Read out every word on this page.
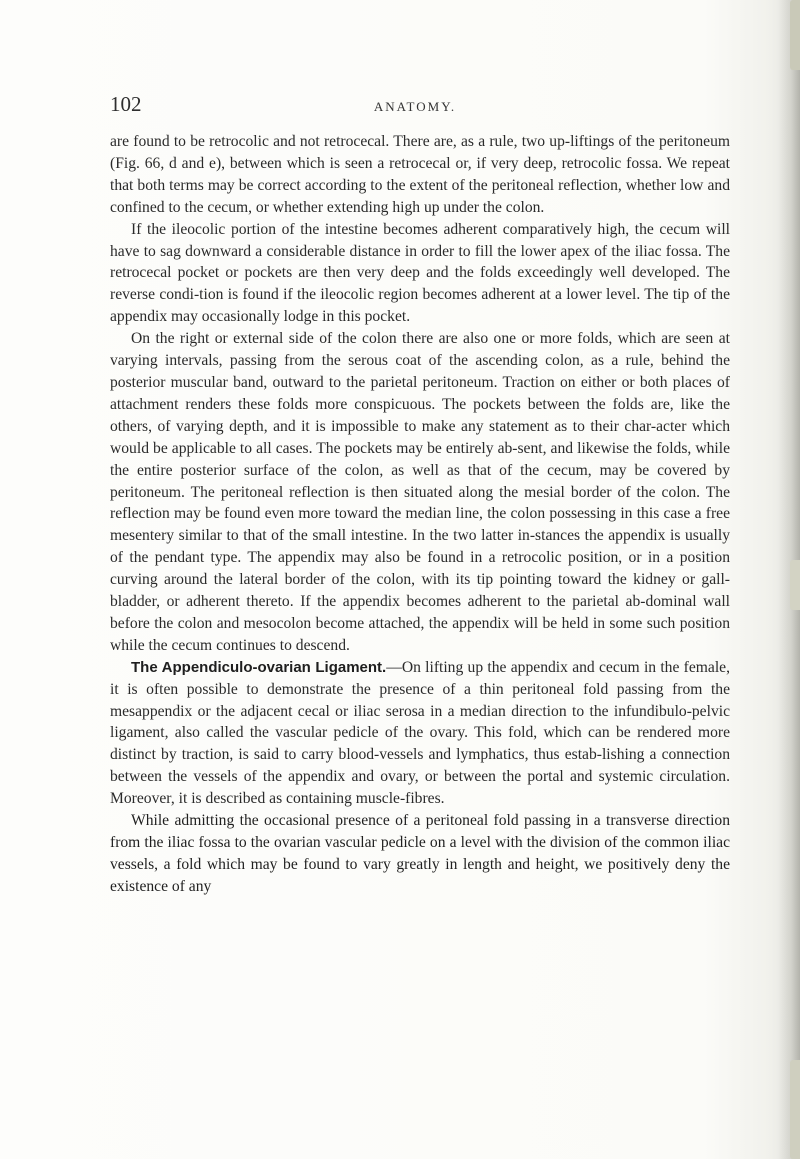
102	ANATOMY.

are found to be retrocolic and not retrocecal. There are, as a rule, two up-liftings of the peritoneum (Fig. 66, d and e), between which is seen a retrocecal or, if very deep, retrocolic fossa. We repeat that both terms may be correct according to the extent of the peritoneal reflection, whether low and confined to the cecum, or whether extending high up under the colon.

If the ileocolic portion of the intestine becomes adherent comparatively high, the cecum will have to sag downward a considerable distance in order to fill the lower apex of the iliac fossa. The retrocecal pocket or pockets are then very deep and the folds exceedingly well developed. The reverse condi-tion is found if the ileocolic region becomes adherent at a lower level. The tip of the appendix may occasionally lodge in this pocket.

On the right or external side of the colon there are also one or more folds, which are seen at varying intervals, passing from the serous coat of the ascending colon, as a rule, behind the posterior muscular band, outward to the parietal peritoneum. Traction on either or both places of attachment renders these folds more conspicuous. The pockets between the folds are, like the others, of varying depth, and it is impossible to make any statement as to their char-acter which would be applicable to all cases. The pockets may be entirely ab-sent, and likewise the folds, while the entire posterior surface of the colon, as well as that of the cecum, may be covered by peritoneum. The peritoneal reflection is then situated along the mesial border of the colon. The reflection may be found even more toward the median line, the colon possessing in this case a free mesentery similar to that of the small intestine. In the two latter in-stances the appendix is usually of the pendant type. The appendix may also be found in a retrocolic position, or in a position curving around the lateral border of the colon, with its tip pointing toward the kidney or gall-bladder, or adherent thereto. If the appendix becomes adherent to the parietal ab-dominal wall before the colon and mesocolon become attached, the appendix will be held in some such position while the cecum continues to descend.

The Appendiculo-ovarian Ligament.—On lifting up the appendix and cecum in the female, it is often possible to demonstrate the presence of a thin peritoneal fold passing from the mesappendix or the adjacent cecal or iliac serosa in a median direction to the infundibulo-pelvic ligament, also called the vascular pedicle of the ovary. This fold, which can be rendered more distinct by traction, is said to carry blood-vessels and lymphatics, thus estab-lishing a connection between the vessels of the appendix and ovary, or between the portal and systemic circulation. Moreover, it is described as containing muscle-fibres.

While admitting the occasional presence of a peritoneal fold passing in a transverse direction from the iliac fossa to the ovarian vascular pedicle on a level with the division of the common iliac vessels, a fold which may be found to vary greatly in length and height, we positively deny the existence of any
